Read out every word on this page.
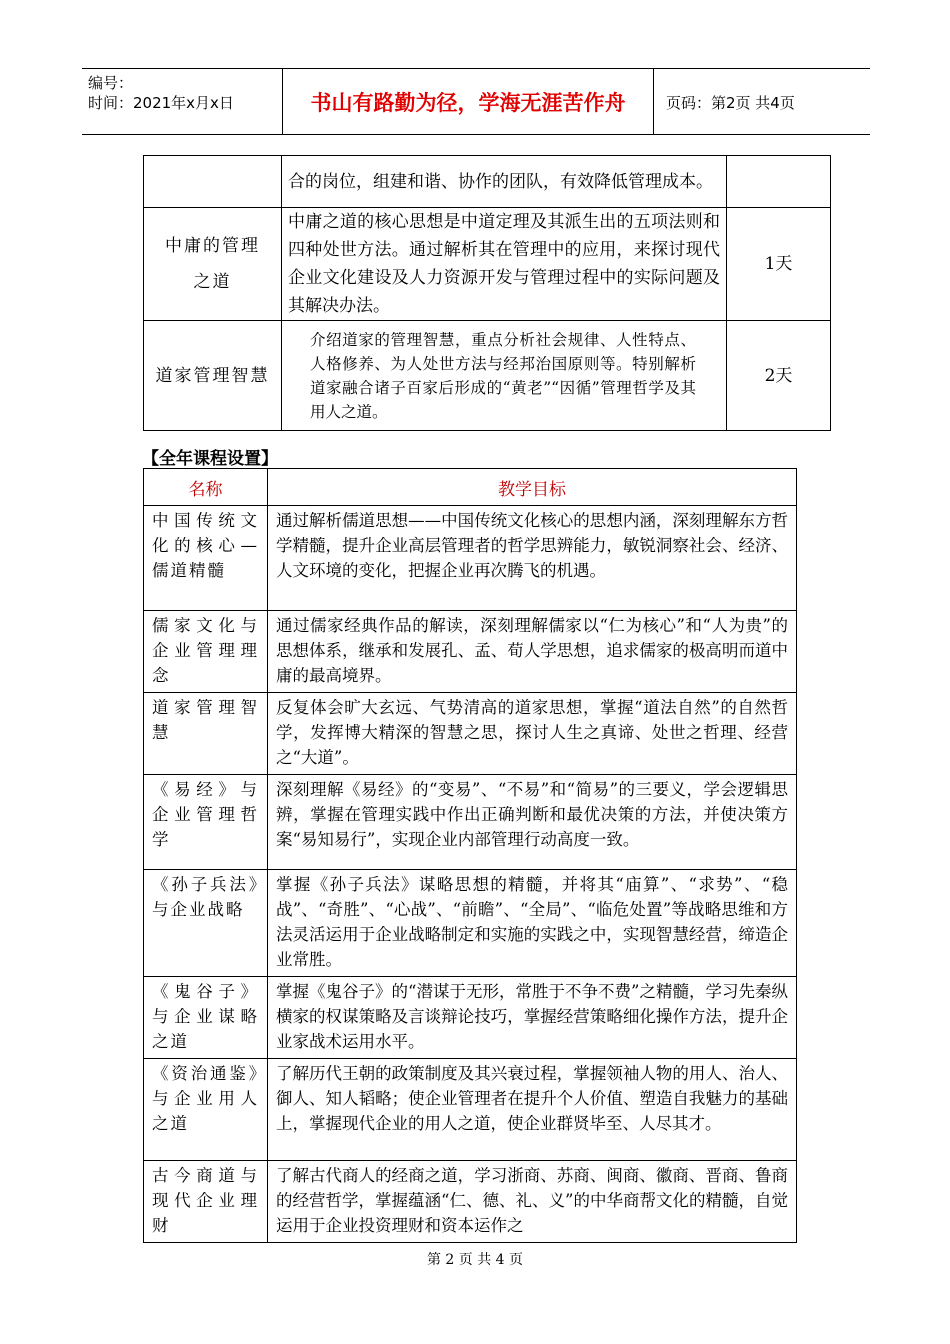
编号：
时间：2021年x月x日	书山有路勤为径，学海无涯苦作舟	页码：第2页 共4页
	合的岗位，组建和谐、协作的团队，有效降低管理成本。	

中庸的管理之道	中庸之道的核心思想是中道定理及其派生出的五项法则和四种处世方法。通过解析其在管理中的应用，来探讨现代企业文化建设及人力资源开发与管理过程中的实际问题及其解决办法。	1天
道家管理智慧	介绍道家的管理智慧，重点分析社会规律、人性特点、人格修养、为人处世方法与经邦治国原则等。特别解析道家融合诸子百家后形成的“黄老”“因循”管理哲学及其用人之道。	2天
【全年课程设置】
名称	教学目标
中国传统文化的核心—儒道精髓	通过解析儒道思想——中国传统文化核心的思想内涵，深刻理解东方哲学精髓，提升企业高层管理者的哲学思辨能力，敏锐洞察社会、经济、人文环境的变化，把握企业再次腾飞的机遇。
儒家文化与企业管理理念	通过儒家经典作品的解读，深刻理解儒家以“仁为核心”和“人为贵”的思想体系，继承和发展孔、孟、荀人学思想，追求儒家的极高明而道中庸的最高境界。
道家管理智慧	反复体会旷大玄远、气势清高的道家思想，掌握“道法自然”的自然哲学，发挥博大精深的智慧之思，探讨人生之真谛、处世之哲理、经营之“大道”。
《易经》与企业管理哲学	深刻理解《易经》的“变易”、“不易”和“简易”的三要义，学会逻辑思辨，掌握在管理实践中作出正确判断和最优决策的方法，并使决策方案“易知易行”，实现企业内部管理行动高度一致。
《孙子兵法》与企业战略	掌握《孙子兵法》谋略思想的精髓，并将其“庙算”、“求势”、“稳战”、“奇胜”、“心战”、“前瞻”、“全局”、“临危处置”等战略思维和方法灵活运用于企业战略制定和实施的实践之中，实现智慧经营，缔造企业常胜。
《鬼谷子》与企业谋略之道	掌握《鬼谷子》的“潜谋于无形，常胜于不争不费”之精髓，学习先秦纵横家的权谋策略及言谈辩论技巧，掌握经营策略细化操作方法，提升企业家战术运用水平。
《资治通鉴》与企业用人之道	了解历代王朝的政策制度及其兴衰过程，掌握领袖人物的用人、治人、御人、知人韬略；使企业管理者在提升个人价值、塑造自我魅力的基础上，掌握现代企业的用人之道，使企业群贤毕至、人尽其才。
古今商道与现代企业理财	了解古代商人的经商之道，学习浙商、苏商、闽商、徽商、晋商、鲁商的经营哲学，掌握蕴涵“仁、德、礼、义”的中华商帮文化的精髓，自觉运用于企业投资理财和资本运作之
第 2 页 共 4 页
